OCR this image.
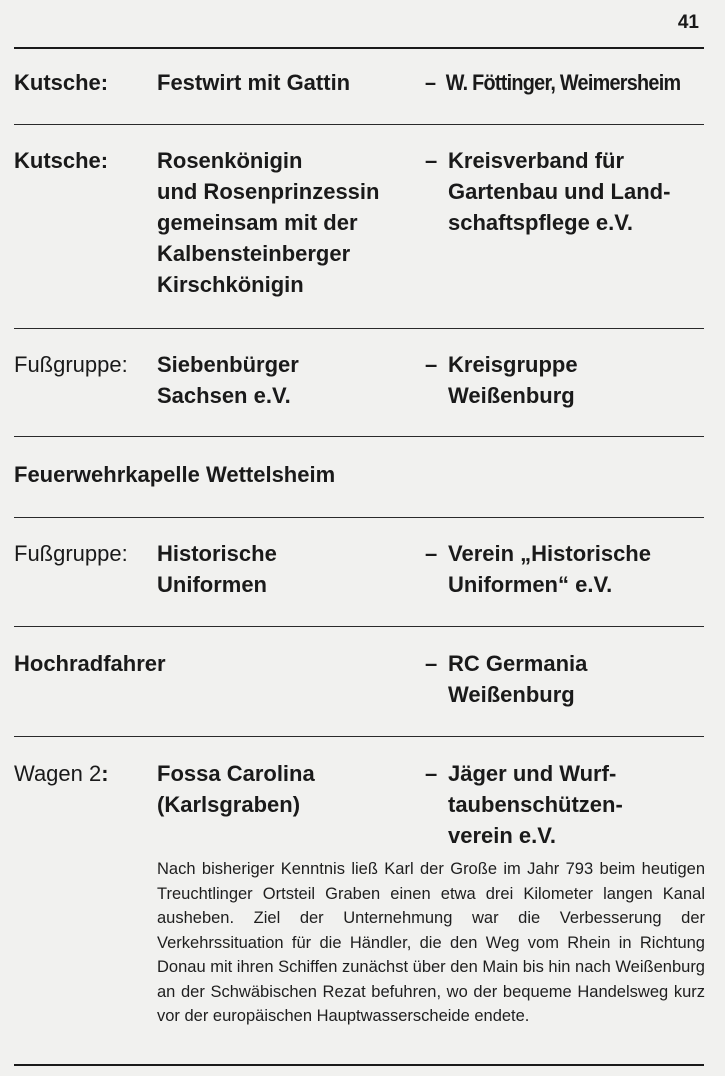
41
Kutsche: Festwirt mit Gattin	– W. Föttinger, Weimersheim
Kutsche: Rosenkönigin
und Rosenprinzessin
gemeinsam mit der
Kalbensteinberger
Kirschkönigin
– Kreisverband für
Gartenbau und Land-
schaftspflege e.V.
Fußgruppe: Siebenbürger
Sachsen e.V.
– Kreisgruppe
Weißenburg
Feuerwehrkapelle Wettelsheim
Fußgruppe: Historische
Uniformen
– Verein „Historische
Uniformen“ e.V.
Hochradfahrer	– RC Germania
Weißenburg
Wagen 2: Fossa Carolina
(Karlsgraben)
– Jäger und Wurf-
taubenschützen-
verein e.V.
Nach bisheriger Kenntnis ließ Karl der Große im Jahr 793 beim heutigen Treuchtlinger Ortsteil Graben einen etwa drei Kilometer langen Kanal ausheben. Ziel der Unternehmung war die Verbesserung der Verkehrssituation für die Händler, die den Weg vom Rhein in Richtung Donau mit ihren Schiffen zunächst über den Main bis hin nach Weißenburg an der Schwäbischen Rezat befuhren, wo der bequeme Handelsweg kurz vor der europäischen Hauptwasserscheide endete.
